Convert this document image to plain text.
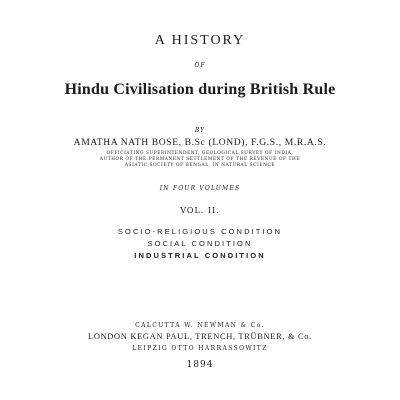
A HISTORY
OF
Hindu Civilisation during British Rule
BY
AMATHA NATH BOSE, B.Sc (LOND), F.G.S., M.R.A.S.
OFFICIATING SUPERINTENDENT, GEOLOGICAL SURVEY OF INDIA,
AUTHOR OF THE PERMANENT SETTLEMENT OF THE REVENUE OF THE
ASIATIC SOCIETY OF BENGAL, IN NATURAL SCIENCE
IN FOUR VOLUMES
VOL. II.
SOCIO-RELIGIOUS CONDITION
SOCIAL CONDITION
INDUSTRIAL CONDITION
CALCUTTA W. NEWMAN & Co.
LONDON KEGAN PAUL, TRENCH, TRÜBNER, & Co.
LEIPZIG OTTO HARRASSOWITZ
1894
